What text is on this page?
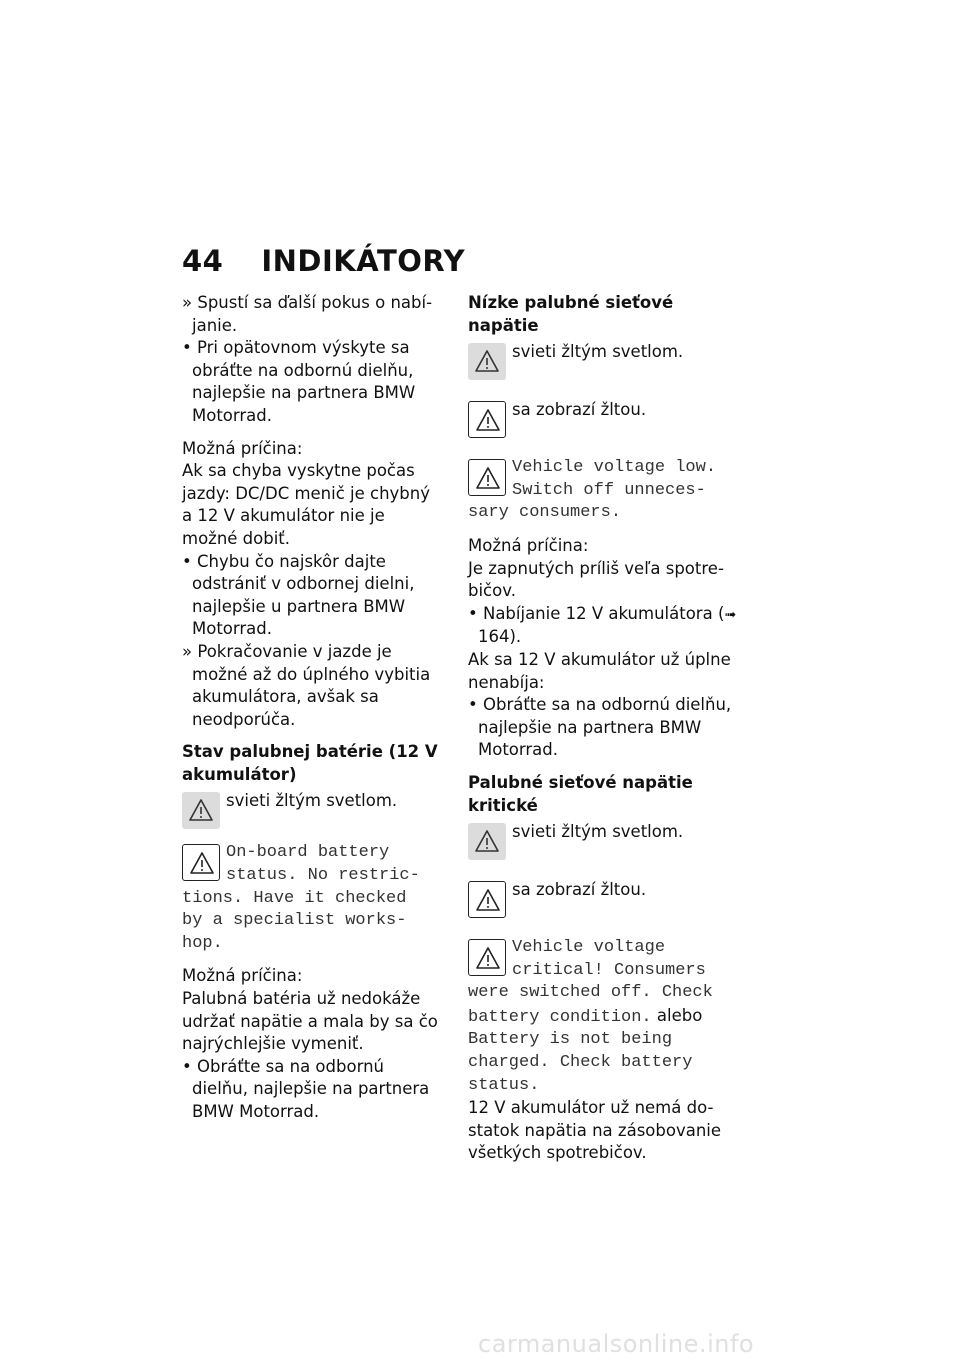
44 INDIKÁTORY

» Spustí sa ďalší pokus o nabí-janie.

• Pri opätovnom výskyte sa obráťte na odbornú dielňu, najlepšie na partnera BMW Motorrad.

Možná príčina:

Ak sa chyba vyskytne počas jazdy: DC/DC menič je chybný a 12 V akumulátor nie je možné dobiť.

• Chybu čo najskôr dajte odstrániť v odbornej dielni, najlepšie u partnera BMW Motorrad.

» Pokračovanie v jazde je možné až do úplného vybitia akumulátora, avšak sa neodporúča.

Stav palubnej batérie (12 V akumulátor)

svieti žltým svetlom.

On-board battery

status. No restric-

tions. Have it checked

by a specialist works-

hop.

Možná príčina:

Palubná batéria už nedokáže udržať napätie a mala by sa čo najrýchlejšie vymeniť.

• Obráťte sa na odbornú dielňu, najlepšie na partnera BMW Motorrad.

Nízke palubné sieťové napätie

svieti žltým svetlom.

sa zobrazí žltou.

Vehicle voltage low.

Switch off unneces-

sary consumers.

Možná príčina:

Je zapnutých príliš veľa spotre-bičov.

• Nabíjanie 12 V akumulátora (➟ 164).

Ak sa 12 V akumulátor už úplne nenabíja:

• Obráťte sa na odbornú dielňu, najlepšie na partnera BMW Motorrad.

Palubné sieťové napätie kritické

svieti žltým svetlom.

sa zobrazí žltou.

Vehicle voltage

critical! Consumers

were switched off. Check

battery condition. alebo

Battery is not being

charged. Check battery

status.

12 V akumulátor už nemá do-statok napätia na zásobovanie všetkých spotrebičov.

carmanualsonline.info
